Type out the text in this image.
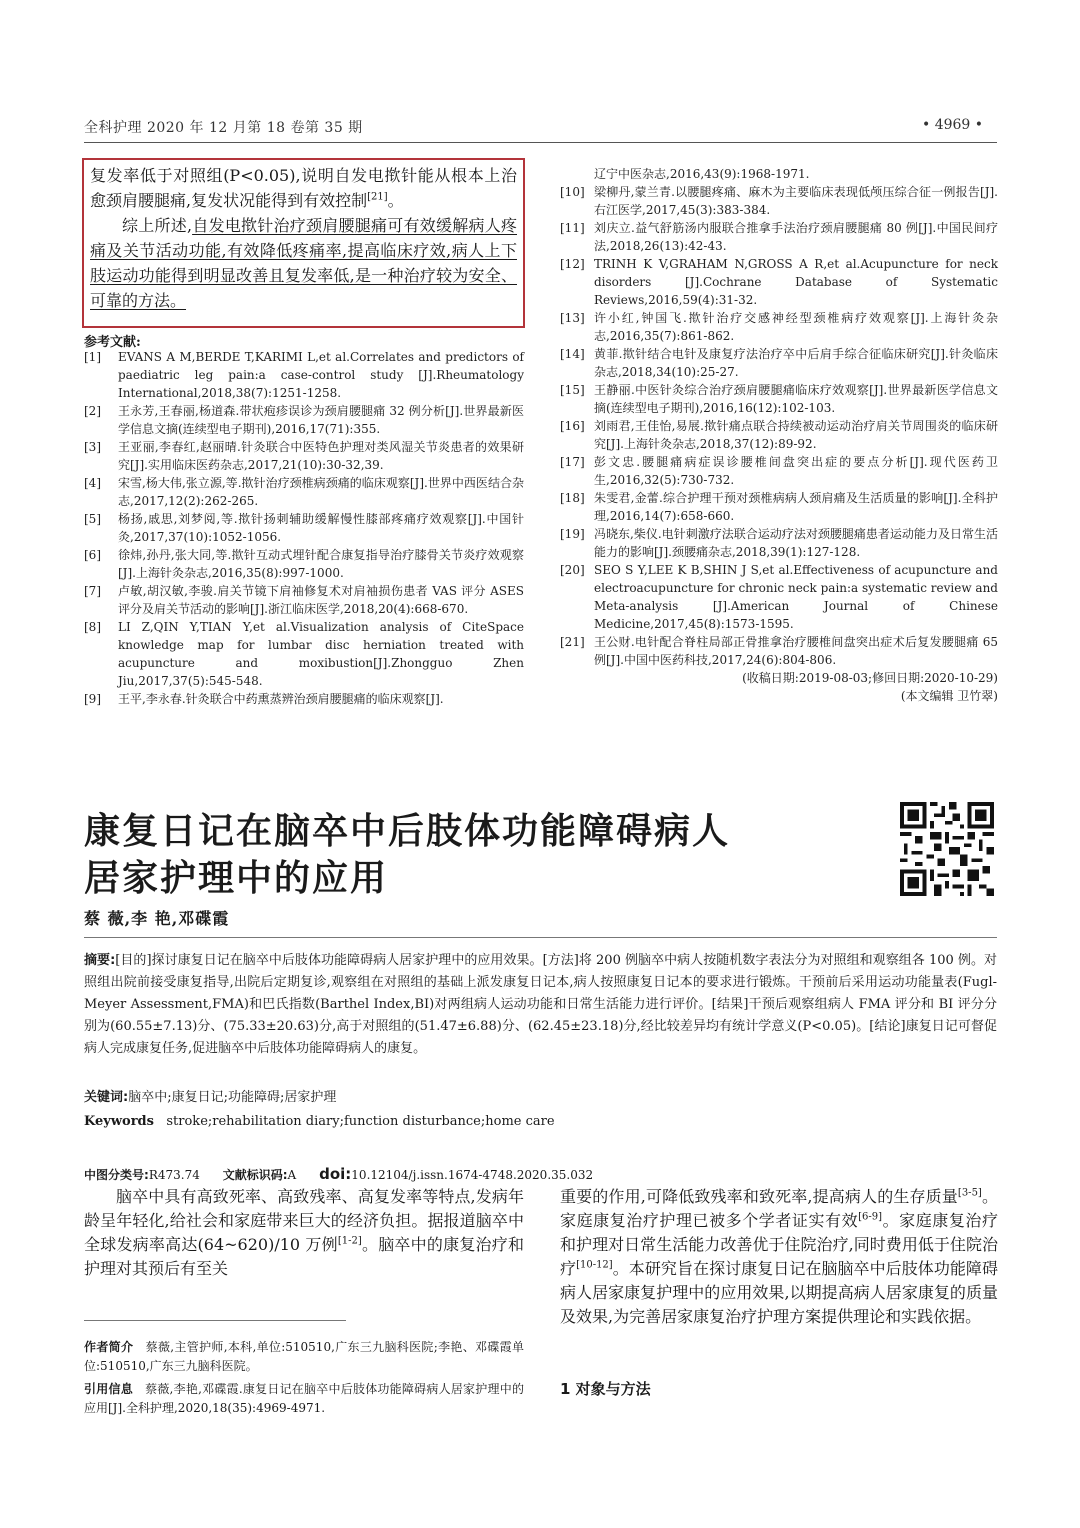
全科护理 2020 年 12 月第 18 卷第 35 期	• 4969 •

复发率低于对照组(P<0.05),说明自发电揿针能从根本上治愈颈肩腰腿痛,复发状况能得到有效控制[21]。

综上所述,自发电揿针治疗颈肩腰腿痛可有效缓解病人疼痛及关节活动功能,有效降低疼痛率,提高临床疗效,病人上下肢运动功能得到明显改善且复发率低,是一种治疗较为安全、可靠的方法。

参考文献:
[1]	EVANS A M,BERDE T,KARIMI L,et al.Correlates and predictors of paediatric leg pain:a case-control study [J].Rheumatology International,2018,38(7):1251-1258.
[2]	王永芳,王春丽,杨道森.带状疱疹误诊为颈肩腰腿痛 32 例分析[J].世界最新医学信息文摘(连续型电子期刊),2016,17(71):355.
[3]	王亚丽,李春红,赵丽晴.针灸联合中医特色护理对类风湿关节炎患者的效果研究[J].实用临床医药杂志,2017,21(10):30-32,39.
[4]	宋雪,杨大伟,张立源,等.揿针治疗颈椎病颈痛的临床观察[J].世界中西医结合杂志,2017,12(2):262-265.
[5]	杨扬,戚思,刘梦阅,等.揿针扬刺辅助缓解慢性膝部疼痛疗效观察[J].中国针灸,2017,37(10):1052-1056.
[6]	徐炜,孙丹,张大同,等.揿针互动式埋针配合康复指导治疗膝骨关节炎疗效观察[J].上海针灸杂志,2016,35(8):997-1000.
[7]	卢敏,胡汉敏,李骏.肩关节镜下肩袖修复术对肩袖损伤患者 VAS 评分 ASES 评分及肩关节活动的影响[J].浙江临床医学,2018,20(4):668-670.
[8]	LI Z,QIN Y,TIAN Y,et al.Visualization analysis of CiteSpace knowledge map for lumbar disc herniation treated with acupuncture and moxibustion[J].Zhongguo Zhen Jiu,2017,37(5):545-548.
[9]	王平,李永春.针灸联合中药熏蒸辨治颈肩腰腿痛的临床观察[J].
辽宁中医杂志,2016,43(9):1968-1971.
[10] 梁柳丹,蒙兰青.以腰腿疼痛、麻木为主要临床表现低颅压综合征一例报告[J].右江医学,2017,45(3):383-384.
[11] 刘庆立.益气舒筋汤内服联合推拿手法治疗颈肩腰腿痛 80 例[J].中国民间疗法,2018,26(13):42-43.
[12] TRINH K V,GRAHAM N,GROSS A R,et al.Acupuncture for neck disorders [J].Cochrane Database of Systematic Reviews,2016,59(4):31-32.
[13] 许小红,钟国飞.揿针治疗交感神经型颈椎病疗效观察[J].上海针灸杂志,2016,35(7):861-862.
[14] 黄菲.揿针结合电针及康复疗法治疗卒中后肩手综合征临床研究[J].针灸临床杂志,2018,34(10):25-27.
[15] 王静丽.中医针灸综合治疗颈肩腰腿痛临床疗效观察[J].世界最新医学信息文摘(连续型电子期刊),2016,16(12):102-103.
[16] 刘雨君,王佳怡,易展.揿针痛点联合持续被动运动治疗肩关节周围炎的临床研究[J].上海针灸杂志,2018,37(12):89-92.
[17] 彭文忠.腰腿痛病症误诊腰椎间盘突出症的要点分析[J].现代医药卫生,2016,32(5):730-732.
[18] 朱雯君,金蕾.综合护理干预对颈椎病病人颈肩痛及生活质量的影响[J].全科护理,2016,14(7):658-660.
[19] 冯晓东,柴仪.电针刺激疗法联合运动疗法对颈腰腿痛患者运动能力及日常生活能力的影响[J].颈腰痛杂志,2018,39(1):127-128.
[20] SEO S Y,LEE K B,SHIN J S,et al.Effectiveness of acupuncture and electroacupuncture for chronic neck pain:a systematic review and Meta-analysis [J].American Journal of Chinese Medicine,2017,45(8):1573-1595.
[21] 王公财.电针配合脊柱局部正骨推拿治疗腰椎间盘突出症术后复发腰腿痛 65 例[J].中国中医药科技,2017,24(6):804-806.
(收稿日期:2019-08-03;修回日期:2020-10-29)
(本文编辑 卫竹翠)
康复日记在脑卒中后肢体功能障碍病人
居家护理中的应用
蔡 薇,李 艳,邓碟霞
摘要:[目的]探讨康复日记在脑卒中后肢体功能障碍病人居家护理中的应用效果。[方法]将 200 例脑卒中病人按随机数字表法分为对照组和观察组各 100 例。对照组出院前接受康复指导,出院后定期复诊,观察组在对照组的基础上派发康复日记本,病人按照康复日记本的要求进行锻炼。干预前后采用运动功能量表(Fugl-Meyer Assessment,FMA)和巴氏指数(Barthel Index,BI)对两组病人运动功能和日常生活能力进行评价。[结果]干预后观察组病人 FMA 评分和 BI 评分分别为(60.55±7.13)分、(75.33±20.63)分,高于对照组的(51.47±6.88)分、(62.45±23.18)分,经比较差异均有统计学意义(P<0.05)。[结论]康复日记可督促病人完成康复任务,促进脑卒中后肢体功能障碍病人的康复。
关键词:脑卒中;康复日记;功能障碍;居家护理
Keywords stroke;rehabilitation diary;function disturbance;home care
中图分类号:R473.74 文献标识码:A doi:10.12104/j.issn.1674-4748.2020.35.032
脑卒中具有高致死率、高致残率、高复发率等特点,发病年龄呈年轻化,给社会和家庭带来巨大的经济负担。据报道脑卒中全球发病率高达(64~620)/10 万例[1-2]。脑卒中的康复治疗和护理对其预后有至关
作者简介 蔡薇,主管护师,本科,单位:510510,广东三九脑科医院;李艳、邓碟霞单位:510510,广东三九脑科医院。
引用信息 蔡薇,李艳,邓碟霞.康复日记在脑卒中后肢体功能障碍病人居家护理中的应用[J].全科护理,2020,18(35):4969-4971.
重要的作用,可降低致残率和致死率,提高病人的生存质量[3-5]。家庭康复治疗护理已被多个学者证实有效[6-9]。家庭康复治疗和护理对日常生活能力改善优于住院治疗,同时费用低于住院治疗[10-12]。本研究旨在探讨康复日记在脑脑卒中后肢体功能障碍病人居家康复护理中的应用效果,以期提高病人居家康复的质量及效果,为完善居家康复治疗护理方案提供理论和实践依据。
1 对象与方法
